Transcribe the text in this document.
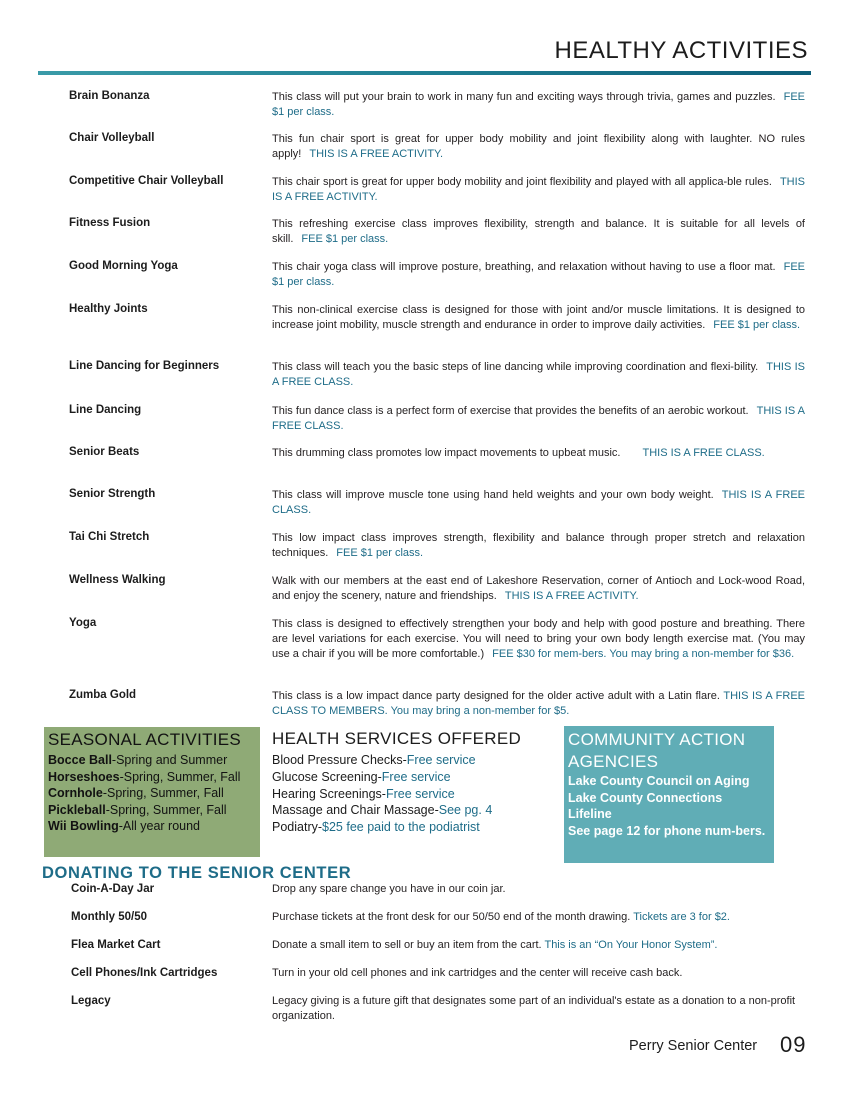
HEALTHY ACTIVITIES
Brain Bonanza	This class will put your brain to work in many fun and exciting ways through trivia, games and puzzles. FEE $1 per class.
Chair Volleyball	This fun chair sport is great for upper body mobility and joint flexibility along with laughter. NO rules apply! THIS IS A FREE ACTIVITY.
Competitive Chair Volleyball	This chair sport is great for upper body mobility and joint flexibility and played with all applica-ble rules. THIS IS A FREE ACTIVITY.
Fitness Fusion	This refreshing exercise class improves flexibility, strength and balance. It is suitable for all levels of skill. FEE $1 per class.
Good Morning Yoga	This chair yoga class will improve posture, breathing, and relaxation without having to use a floor mat. FEE $1 per class.
Healthy Joints	This non-clinical exercise class is designed for those with joint and/or muscle limitations. It is designed to increase joint mobility, muscle strength and endurance in order to improve daily activities. FEE $1 per class.
Line Dancing for Beginners	This class will teach you the basic steps of line dancing while improving coordination and flexi-bility. THIS IS A FREE CLASS.
Line Dancing	This fun dance class is a perfect form of exercise that provides the benefits of an aerobic workout. THIS IS A FREE CLASS.
Senior Beats	This drumming class promotes low impact movements to upbeat music. THIS IS A FREE CLASS.
Senior Strength	This class will improve muscle tone using hand held weights and your own body weight. THIS IS A FREE CLASS.
Tai Chi Stretch	This low impact class improves strength, flexibility and balance through proper stretch and relaxation techniques. FEE $1 per class.
Wellness Walking	Walk with our members at the east end of Lakeshore Reservation, corner of Antioch and Lock-wood Road, and enjoy the scenery, nature and friendships. THIS IS A FREE ACTIVITY.
Yoga	This class is designed to effectively strengthen your body and help with good posture and breathing. There are level variations for each exercise. You will need to bring your own body length exercise mat. (You may use a chair if you will be more comfortable.) FEE $30 for mem-bers. You may bring a non-member for $36.
Zumba Gold	This class is a low impact dance party designed for the older active adult with a Latin flare. THIS IS A FREE CLASS TO MEMBERS. You may bring a non-member for $5.
SEASONAL ACTIVITIES
Bocce Ball-Spring and Summer
Horseshoes-Spring, Summer, Fall
Cornhole-Spring, Summer, Fall
Pickleball-Spring, Summer, Fall
Wii Bowling-All year round
HEALTH SERVICES OFFERED
Blood Pressure Checks-Free service
Glucose Screening-Free service
Hearing Screenings-Free service
Massage and Chair Massage-See pg. 4
Podiatry-$25 fee paid to the podiatrist
COMMUNITY ACTION AGENCIES
Lake County Council on Aging
Lake County Connections
Lifeline
See page 12 for phone num-bers.
DONATING TO THE SENIOR CENTER
Coin-A-Day Jar	Drop any spare change you have in our coin jar.
Monthly 50/50	Purchase tickets at the front desk for our 50/50 end of the month drawing. Tickets are 3 for $2.
Flea Market Cart	Donate a small item to sell or buy an item from the cart. This is an “On Your Honor System”.
Cell Phones/Ink Cartridges	Turn in your old cell phones and ink cartridges and the center will receive cash back.
Legacy	Legacy giving is a future gift that designates some part of an individual's estate as a donation to a non-profit organization.
Perry Senior Center 09
